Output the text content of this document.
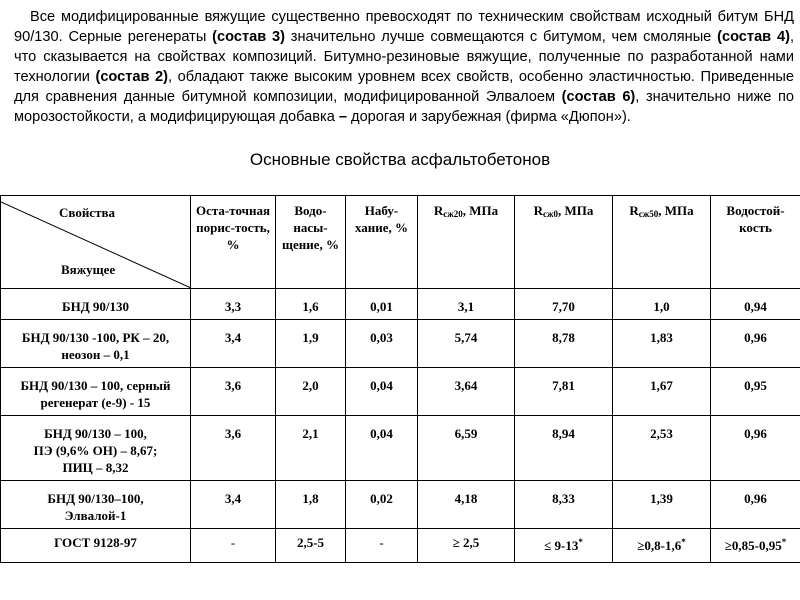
Все модифицированные вяжущие существенно превосходят по техническим свойствам исходный битум БНД 90/130. Серные регенераты (состав 3) значительно лучше совмещаются с битумом, чем смоляные (состав 4), что сказывается на свойствах композиций. Битумно-резиновые вяжущие, полученные по разработанной нами технологии (состав 2), обладают также высоким уровнем всех свойств, особенно эластичностью. Приведенные для сравнения данные битумной композиции, модифицированной Элвалоем (состав 6), значительно ниже по морозостойкости, а модифицирующая добавка – дорогая и зарубежная (фирма «Дюпон»).

Основные свойства асфальтобетонов
Свойства
Вяжущее	Оста-точная порис-тость, %	Водо-насы-щение, %	Набу-хание, %	$R_{сж20}$, МПа	$R_{сж0}$, МПа	$R_{сж50}$, МПа	Водостой-кость
БНД 90/130	3,3	1,6	0,01	3,1	7,70	1,0	0,94
БНД 90/130 -100, РК – 20, неозон – 0,1	3,4	1,9	0,03	5,74	8,78	1,83	0,96
БНД 90/130 – 100, серный регенерат (е-9) - 15	3,6	2,0	0,04	3,64	7,81	1,67	0,95
БНД 90/130 – 100,
ПЭ (9,6% ОН) – 8,67;
ПИЦ – 8,32	3,6	2,1	0,04	6,59	8,94	2,53	0,96
БНД 90/130–100,
Элвалой-1	3,4	1,8	0,02	4,18	8,33	1,39	0,96
ГОСТ 9128-97	-	2,5-5	-	≥ 2,5	≤ 9-13*	≥0,8-1,6*	≥0,85-0,95*
